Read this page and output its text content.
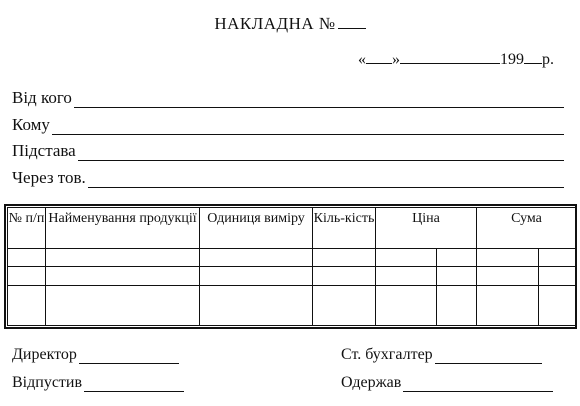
НАКЛАДНА №
« »	199 р.
Від кого
Кому
Підстава
Через тов.
№ п/п	Найменування продукції	Одиниця виміру	Кіль-кість	Ціна		Сума	

Директор	Ст. бухгалтер
Відпустив	Одержав
